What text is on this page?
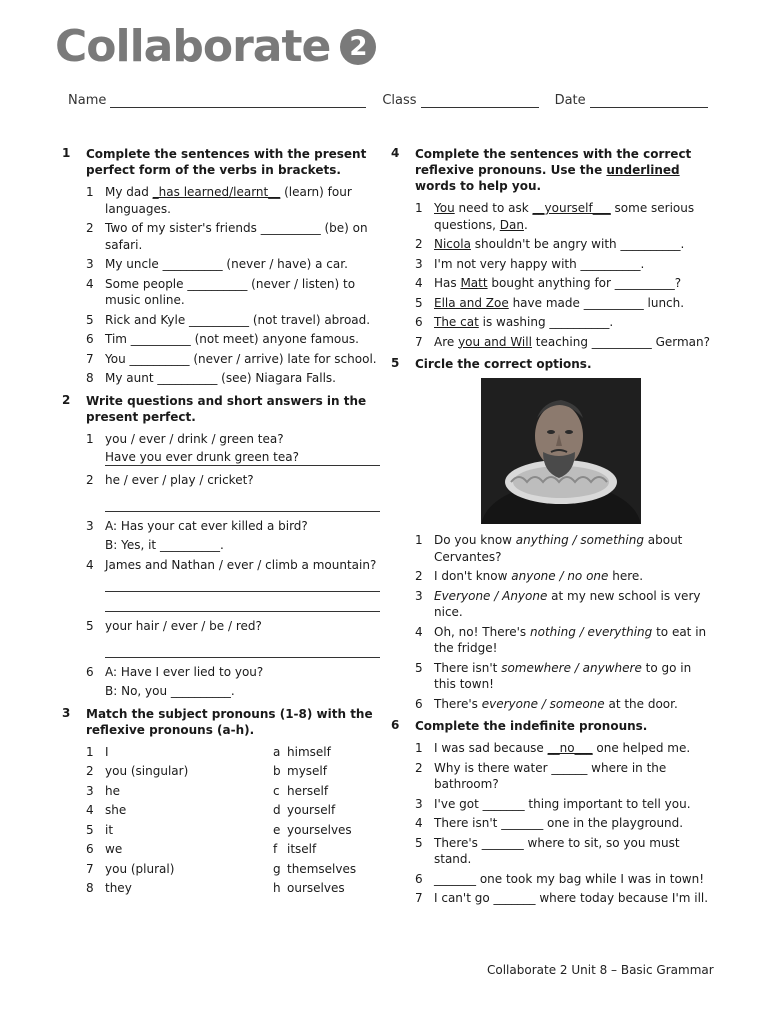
Collaborate 2
Name	Class	Date
1	Complete the sentences with the present perfect form of the verbs in brackets.
1 My dad _has learned/learnt__ (learn) four languages.
2 Two of my sister's friends __________ (be) on safari.
3 My uncle __________ (never / have) a car.
4 Some people __________ (never / listen) to music online.
5 Rick and Kyle __________ (not travel) abroad.
6 Tim __________ (not meet) anyone famous.
7 You __________ (never / arrive) late for school.
8 My aunt __________ (see) Niagara Falls.
2	Write questions and short answers in the present perfect.
1 you / ever / drink / green tea?
Have you ever drunk green tea?
2 he / ever / play / cricket?
3 A: Has your cat ever killed a bird?
B: Yes, it __________.
4 James and Nathan / ever / climb a mountain?
5 your hair / ever / be / red?
6 A: Have I ever lied to you?
B: No, you __________.
3	Match the subject pronouns (1-8) with the reflexive pronouns (a-h).
1 I	a himself
2 you (singular)	b myself
3 he	c herself
4 she	d yourself
5 it	e yourselves
6 we	f itself
7 you (plural)	g themselves
8 they	h ourselves
4	Complete the sentences with the correct reflexive pronouns. Use the underlined words to help you.
1 You need to ask __yourself___ some serious questions, Dan.
2 Nicola shouldn't be angry with __________.
3 I'm not very happy with __________.
4 Has Matt bought anything for __________?
5 Ella and Zoe have made __________ lunch.
6 The cat is washing __________.
7 Are you and Will teaching __________ German?
5	Circle the correct options.
1 Do you know anything / something about Cervantes?
2 I don't know anyone / no one here.
3 Everyone / Anyone at my new school is very nice.
4 Oh, no! There's nothing / everything to eat in the fridge!
5 There isn't somewhere / anywhere to go in this town!
6 There's everyone / someone at the door.
6	Complete the indefinite pronouns.
1 I was sad because __no___ one helped me.
2 Why is there water ______ where in the bathroom?
3 I've got _______ thing important to tell you.
4 There isn't _______ one in the playground.
5 There's _______ where to sit, so you must stand.
6 _______ one took my bag while I was in town!
7 I can't go _______ where today because I'm ill.
Collaborate 2 Unit 8 – Basic Grammar
